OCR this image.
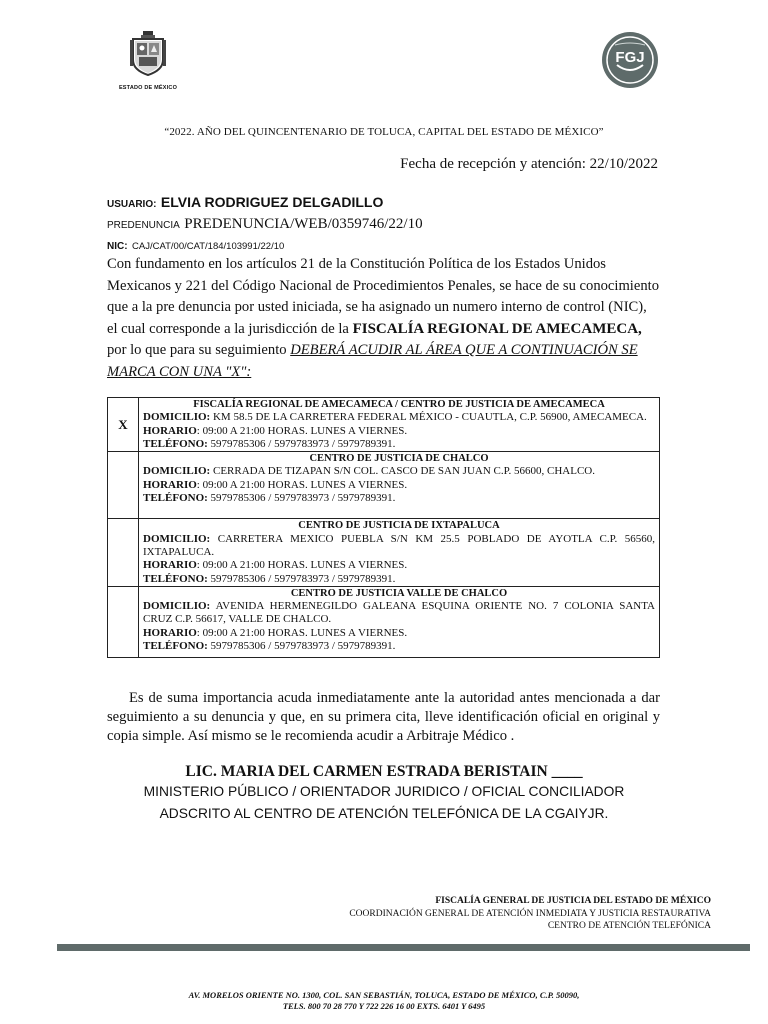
ESTADO DE MÉXICO
FGJ
“2022. AÑO DEL QUINCENTENARIO DE TOLUCA, CAPITAL DEL ESTADO DE MÉXICO”
Fecha de recepción y atención: 22/10/2022
USUARIO: ELVIA RODRIGUEZ DELGADILLO
PREDENUNCIA PREDENUNCIA/WEB/0359746/22/10
NIC: CAJ/CAT/00/CAT/184/103991/22/10
Con fundamento en los artículos 21 de la Constitución Política de los Estados Unidos Mexicanos y 221 del Código Nacional de Procedimientos Penales, se hace de su conocimiento que a la pre denuncia por usted iniciada, se ha asignado un numero interno de control (NIC), el cual corresponde a la jurisdicción de la FISCALÍA REGIONAL DE AMECAMECA, por lo que para su seguimiento DEBERÁ ACUDIR AL ÁREA QUE A CONTINUACIÓN SE MARCA CON UNA "X":
X	FISCALÍA REGIONAL DE AMECAMECA / CENTRO DE JUSTICIA DE AMECAMECA
DOMICILIO: KM 58.5 DE LA CARRETERA FEDERAL MÉXICO - CUAUTLA, C.P. 56900, AMECAMECA.
HORARIO: 09:00 A 21:00 HORAS. LUNES A VIERNES.
TELÉFONO: 5979785306 / 5979783973 / 5979789391.

	CENTRO DE JUSTICIA DE CHALCO
DOMICILIO: CERRADA DE TIZAPAN S/N COL. CASCO DE SAN JUAN C.P. 56600, CHALCO.
HORARIO: 09:00 A 21:00 HORAS. LUNES A VIERNES.
TELÉFONO: 5979785306 / 5979783973 / 5979789391.

	CENTRO DE JUSTICIA DE IXTAPALUCA
DOMICILIO: CARRETERA MEXICO PUEBLA S/N KM 25.5 POBLADO DE AYOTLA C.P. 56560, IXTAPALUCA.
HORARIO: 09:00 A 21:00 HORAS. LUNES A VIERNES.
TELÉFONO: 5979785306 / 5979783973 / 5979789391.

	CENTRO DE JUSTICIA VALLE DE CHALCO
DOMICILIO: AVENIDA HERMENEGILDO GALEANA ESQUINA ORIENTE NO. 7 COLONIA SANTA CRUZ C.P. 56617, VALLE DE CHALCO.
HORARIO: 09:00 A 21:00 HORAS. LUNES A VIERNES.
TELÉFONO: 5979785306 / 5979783973 / 5979789391.
Es de suma importancia acuda inmediatamente ante la autoridad antes mencionada a dar seguimiento a su denuncia y que, en su primera cita, lleve identificación oficial en original y copia simple. Así mismo se le recomienda acudir a Arbitraje Médico .
LIC. MARIA DEL CARMEN ESTRADA BERISTAIN ____
MINISTERIO PÚBLICO / ORIENTADOR JURIDICO / OFICIAL CONCILIADOR
ADSCRITO AL CENTRO DE ATENCIÓN TELEFÓNICA DE LA CGAIYJR.
FISCALÍA GENERAL DE JUSTICIA DEL ESTADO DE MÉXICO
COORDINACIÓN GENERAL DE ATENCIÓN INMEDIATA Y JUSTICIA RESTAURATIVA
CENTRO DE ATENCIÓN TELEFÓNICA
AV. MORELOS ORIENTE NO. 1300, COL. SAN SEBASTIÁN, TOLUCA, ESTADO DE MÉXICO, C.P. 50090,
TELS. 800 70 28 770 Y 722 226 16 00 EXTS. 6401 Y 6495
